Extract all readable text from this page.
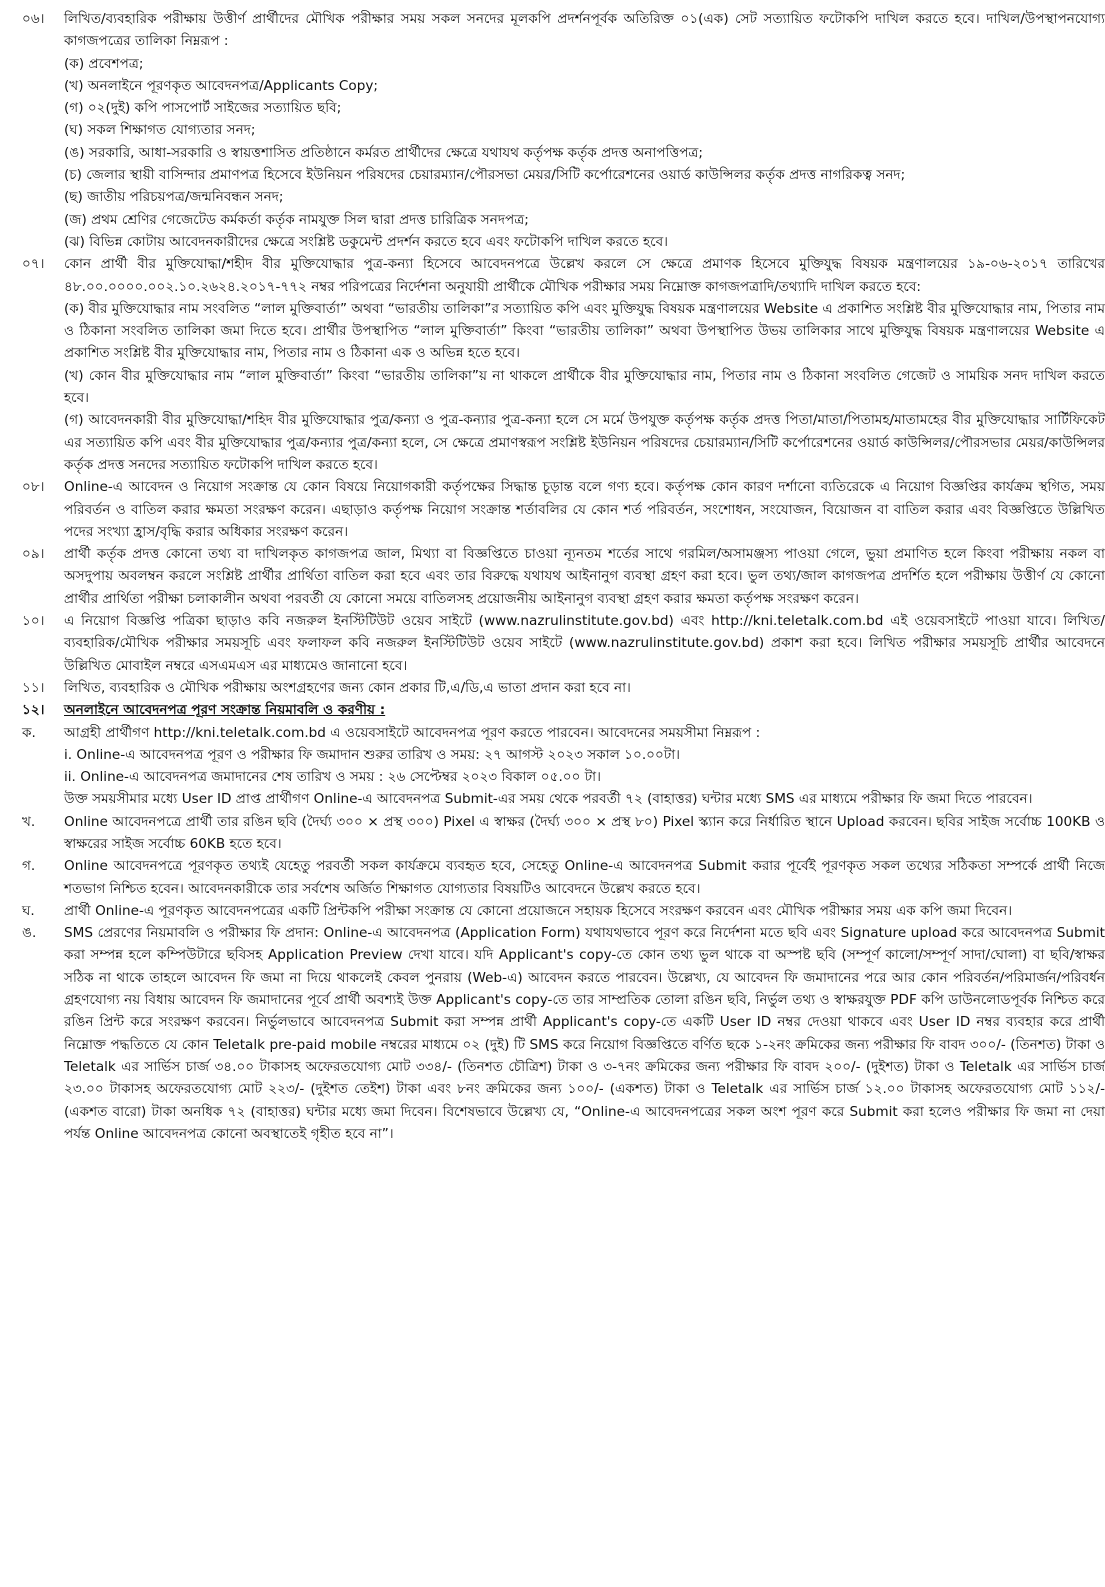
০৬।	লিখিত/ব্যবহারিক পরীক্ষায় উত্তীর্ণ প্রার্থীদের মৌখিক পরীক্ষার সময় সকল সনদের মূলকপি প্রদর্শনপূর্বক অতিরিক্ত ০১(এক) সেট সত্যায়িত ফটোকপি দাখিল করতে হবে। দাখিল/উপস্থাপনযোগ্য কাগজপত্রের তালিকা নিম্নরূপ :

(ক) প্রবেশপত্র;

(খ) অনলাইনে পূরণকৃত আবেদনপত্র/Applicants Copy;

(গ) ০২(দুই) কপি পাসপোর্ট সাইজের সত্যায়িত ছবি;

(ঘ) সকল শিক্ষাগত যোগ্যতার সনদ;

(ঙ) সরকারি, আধা-সরকারি ও স্বায়ত্তশাসিত প্রতিষ্ঠানে কর্মরত প্রার্থীদের ক্ষেত্রে যথাযথ কর্তৃপক্ষ কর্তৃক প্রদত্ত অনাপত্তিপত্র;

(চ) জেলার স্থায়ী বাসিন্দার প্রমাণপত্র হিসেবে ইউনিয়ন পরিষদের চেয়ারম্যান/পৌরসভা মেয়র/সিটি কর্পোরেশনের ওয়ার্ড কাউন্সিলর কর্তৃক প্রদত্ত নাগরিকত্ব সনদ;

(ছ) জাতীয় পরিচয়পত্র/জন্মনিবন্ধন সনদ;

(জ) প্রথম শ্রেণির গেজেটেড কর্মকর্তা কর্তৃক নামযুক্ত সিল দ্বারা প্রদত্ত চারিত্রিক সনদপত্র;

(ঝ) বিভিন্ন কোটায় আবেদনকারীদের ক্ষেত্রে সংশ্লিষ্ট ডকুমেন্ট প্রদর্শন করতে হবে এবং ফটোকপি দাখিল করতে হবে।

০৭।	কোন প্রার্থী বীর মুক্তিযোদ্ধা/শহীদ বীর মুক্তিযোদ্ধার পুত্র-কন্যা হিসেবে আবেদনপত্রে উল্লেখ করলে সে ক্ষেত্রে প্রমাণক হিসেবে মুক্তিযুদ্ধ বিষয়ক মন্ত্রণালয়ের ১৯-০৬-২০১৭ তারিখের ৪৮.০০.০০০০.০০২.১০.২৬২৪.২০১৭-৭৭২ নম্বর পরিপত্রের নির্দেশনা অনুযায়ী প্রার্থীকে মৌখিক পরীক্ষার সময় নিম্নোক্ত কাগজপত্রাদি/তথ্যাদি দাখিল করতে হবে:

(ক) বীর মুক্তিযোদ্ধার নাম সংবলিত “লাল মুক্তিবার্তা” অথবা “ভারতীয় তালিকা”র সত্যায়িত কপি এবং মুক্তিযুদ্ধ বিষয়ক মন্ত্রণালয়ের Website এ প্রকাশিত সংশ্লিষ্ট বীর মুক্তিযোদ্ধার নাম, পিতার নাম ও ঠিকানা সংবলিত তালিকা জমা দিতে হবে। প্রার্থীর উপস্থাপিত “লাল মুক্তিবার্তা” কিংবা “ভারতীয় তালিকা” অথবা উপস্থাপিত উভয় তালিকার সাথে মুক্তিযুদ্ধ বিষয়ক মন্ত্রণালয়ের Website এ প্রকাশিত সংশ্লিষ্ট বীর মুক্তিযোদ্ধার নাম, পিতার নাম ও ঠিকানা এক ও অভিন্ন হতে হবে।

(খ) কোন বীর মুক্তিযোদ্ধার নাম “লাল মুক্তিবার্তা” কিংবা “ভারতীয় তালিকা”য় না থাকলে প্রার্থীকে বীর মুক্তিযোদ্ধার নাম, পিতার নাম ও ঠিকানা সংবলিত গেজেট ও সাময়িক সনদ দাখিল করতে হবে।

(গ) আবেদনকারী বীর মুক্তিযোদ্ধা/শহিদ বীর মুক্তিযোদ্ধার পুত্র/কন্যা ও পুত্র-কন্যার পুত্র-কন্যা হলে সে মর্মে উপযুক্ত কর্তৃপক্ষ কর্তৃক প্রদত্ত পিতা/মাতা/পিতামহ/মাতামহের বীর মুক্তিযোদ্ধার সার্টিফিকেট এর সত্যায়িত কপি এবং বীর মুক্তিযোদ্ধার পুত্র/কন্যার পুত্র/কন্যা হলে, সে ক্ষেত্রে প্রমাণস্বরূপ সংশ্লিষ্ট ইউনিয়ন পরিষদের চেয়ারম্যান/সিটি কর্পোরেশনের ওয়ার্ড কাউন্সিলর/পৌরসভার মেয়র/কাউন্সিলর কর্তৃক প্রদত্ত সনদের সত্যায়িত ফটোকপি দাখিল করতে হবে।

০৮।	Online-এ আবেদন ও নিয়োগ সংক্রান্ত যে কোন বিষয়ে নিয়োগকারী কর্তৃপক্ষের সিদ্ধান্ত চূড়ান্ত বলে গণ্য হবে। কর্তৃপক্ষ কোন কারণ দর্শানো ব্যতিরেকে এ নিয়োগ বিজ্ঞপ্তির কার্যক্রম স্থগিত, সময় পরিবর্তন ও বাতিল করার ক্ষমতা সংরক্ষণ করেন। এছাড়াও কর্তৃপক্ষ নিয়োগ সংক্রান্ত শর্তাবলির যে কোন শর্ত পরিবর্তন, সংশোধন, সংযোজন, বিয়োজন বা বাতিল করার এবং বিজ্ঞপ্তিতে উল্লিখিত পদের সংখ্যা হ্রাস/বৃদ্ধি করার অধিকার সংরক্ষণ করেন।

০৯।	প্রার্থী কর্তৃক প্রদত্ত কোনো তথ্য বা দাখিলকৃত কাগজপত্র জাল, মিথ্যা বা বিজ্ঞপ্তিতে চাওয়া ন্যূনতম শর্তের সাথে গরমিল/অসামঞ্জস্য পাওয়া গেলে, ভুয়া প্রমাণিত হলে কিংবা পরীক্ষায় নকল বা অসদুপায় অবলম্বন করলে সংশ্লিষ্ট প্রার্থীর প্রার্থিতা বাতিল করা হবে এবং তার বিরুদ্ধে যথাযথ আইনানুগ ব্যবস্থা গ্রহণ করা হবে। ভুল তথ্য/জাল কাগজপত্র প্রদর্শিত হলে পরীক্ষায় উত্তীর্ণ যে কোনো প্রার্থীর প্রার্থিতা পরীক্ষা চলাকালীন অথবা পরবর্তী যে কোনো সময়ে বাতিলসহ প্রয়োজনীয় আইনানুগ ব্যবস্থা গ্রহণ করার ক্ষমতা কর্তৃপক্ষ সংরক্ষণ করেন।

১০।	এ নিয়োগ বিজ্ঞপ্তি পত্রিকা ছাড়াও কবি নজরুল ইনস্টিটিউট ওয়েব সাইটে (www.nazrulinstitute.gov.bd) এবং http://kni.teletalk.com.bd এই ওয়েবসাইটে পাওয়া যাবে। লিখিত/ব্যবহারিক/মৌখিক পরীক্ষার সময়সূচি এবং ফলাফল কবি নজরুল ইনস্টিটিউট ওয়েব সাইটে (www.nazrulinstitute.gov.bd) প্রকাশ করা হবে। লিখিত পরীক্ষার সময়সূচি প্রার্থীর আবেদনে উল্লিখিত মোবাইল নম্বরে এসএমএস এর মাধ্যমেও জানানো হবে।

১১।	লিখিত, ব্যবহারিক ও মৌখিক পরীক্ষায় অংশগ্রহণের জন্য কোন প্রকার টি,এ/ডি,এ ভাতা প্রদান করা হবে না।

১২।	অনলাইনে আবেদনপত্র পূরণ সংক্রান্ত নিয়মাবলি ও করণীয় :

ক.	আগ্রহী প্রার্থীগণ http://kni.teletalk.com.bd এ ওয়েবসাইটে আবেদনপত্র পূরণ করতে পারবেন। আবেদনের সময়সীমা নিম্নরূপ :

i. Online-এ আবেদনপত্র পূরণ ও পরীক্ষার ফি জমাদান শুরুর তারিখ ও সময়: ২৭ আগস্ট ২০২৩ সকাল ১০.০০টা।

ii. Online-এ আবেদনপত্র জমাদানের শেষ তারিখ ও সময় : ২৬ সেপ্টেম্বর ২০২৩ বিকাল ০৫.০০ টা।

উক্ত সময়সীমার মধ্যে User ID প্রাপ্ত প্রার্থীগণ Online-এ আবেদনপত্র Submit-এর সময় থেকে পরবর্তী ৭২ (বাহাত্তর) ঘন্টার মধ্যে SMS এর মাধ্যমে পরীক্ষার ফি জমা দিতে পারবেন।

খ.	Online আবেদনপত্রে প্রার্থী তার রঙিন ছবি (দৈর্ঘ্য ৩০০ × প্রস্থ ৩০০) Pixel এ স্বাক্ষর (দৈর্ঘ্য ৩০০ × প্রস্থ ৮০) Pixel স্ক্যান করে নির্ধারিত স্থানে Upload করবেন। ছবির সাইজ সর্বোচ্চ 100KB ও স্বাক্ষরের সাইজ সর্বোচ্চ 60KB হতে হবে।

গ.	Online আবেদনপত্রে পূরণকৃত তথ্যই যেহেতু পরবর্তী সকল কার্যক্রমে ব্যবহৃত হবে, সেহেতু Online-এ আবেদনপত্র Submit করার পূর্বেই পূরণকৃত সকল তথ্যের সঠিকতা সম্পর্কে প্রার্থী নিজে শতভাগ নিশ্চিত হবেন। আবেদনকারীকে তার সর্বশেষ অর্জিত শিক্ষাগত যোগ্যতার বিষয়টিও আবেদনে উল্লেখ করতে হবে।

ঘ.	প্রার্থী Online-এ পূরণকৃত আবেদনপত্রের একটি প্রিন্টকপি পরীক্ষা সংক্রান্ত যে কোনো প্রয়োজনে সহায়ক হিসেবে সংরক্ষণ করবেন এবং মৌখিক পরীক্ষার সময় এক কপি জমা দিবেন।

ঙ.	SMS প্রেরণের নিয়মাবলি ও পরীক্ষার ফি প্রদান: Online-এ আবেদনপত্র (Application Form) যথাযথভাবে পূরণ করে নির্দেশনা মতে ছবি এবং Signature upload করে আবেদনপত্র Submit করা সম্পন্ন হলে কম্পিউটারে ছবিসহ Application Preview দেখা যাবে। যদি Applicant's copy-তে কোন তথ্য ভুল থাকে বা অস্পষ্ট ছবি (সম্পূর্ণ কালো/সম্পূর্ণ সাদা/ঘোলা) বা ছবি/স্বাক্ষর সঠিক না থাকে তাহলে আবেদন ফি জমা না দিয়ে থাকলেই কেবল পুনরায় (Web-এ) আবেদন করতে পারবেন। উল্লেখ্য, যে আবেদন ফি জমাদানের পরে আর কোন পরিবর্তন/পরিমার্জন/পরিবর্ধন গ্রহণযোগ্য নয় বিধায় আবেদন ফি জমাদানের পূর্বে প্রার্থী অবশ্যই উক্ত Applicant's copy-তে তার সাম্প্রতিক তোলা রঙিন ছবি, নির্ভুল তথ্য ও স্বাক্ষরযুক্ত PDF কপি ডাউনলোডপূর্বক নিশ্চিত করে রঙিন প্রিন্ট করে সংরক্ষণ করবেন। নির্ভুলভাবে আবেদনপত্র Submit করা সম্পন্ন প্রার্থী Applicant's copy-তে একটি User ID নম্বর দেওয়া থাকবে এবং User ID নম্বর ব্যবহার করে প্রার্থী নিম্নোক্ত পদ্ধতিতে যে কোন Teletalk pre-paid mobile নম্বরের মাধ্যমে ০২ (দুই) টি SMS করে নিয়োগ বিজ্ঞপ্তিতে বর্ণিত ছকে ১-২নং ক্রমিকের জন্য পরীক্ষার ফি বাবদ ৩০০/- (তিনশত) টাকা ও Teletalk এর সার্ভিস চার্জ ৩৪.০০ টাকাসহ অফেরতযোগ্য মোট ৩৩৪/- (তিনশত চৌত্রিশ) টাকা ও ৩-৭নং ক্রমিকের জন্য পরীক্ষার ফি বাবদ ২০০/- (দুইশত) টাকা ও Teletalk এর সার্ভিস চার্জ ২৩.০০ টাকাসহ অফেরতযোগ্য মোট ২২৩/- (দুইশত তেইশ) টাকা এবং ৮নং ক্রমিকের জন্য ১০০/- (একশত) টাকা ও Teletalk এর সার্ভিস চার্জ ১২.০০ টাকাসহ অফেরতযোগ্য মোট ১১২/- (একশত বারো) টাকা অনধিক ৭২ (বাহাত্তর) ঘন্টার মধ্যে জমা দিবেন। বিশেষভাবে উল্লেখ্য যে, “Online-এ আবেদনপত্রের সকল অংশ পূরণ করে Submit করা হলেও পরীক্ষার ফি জমা না দেয়া পর্যন্ত Online আবেদনপত্র কোনো অবস্থাতেই গৃহীত হবে না”।
